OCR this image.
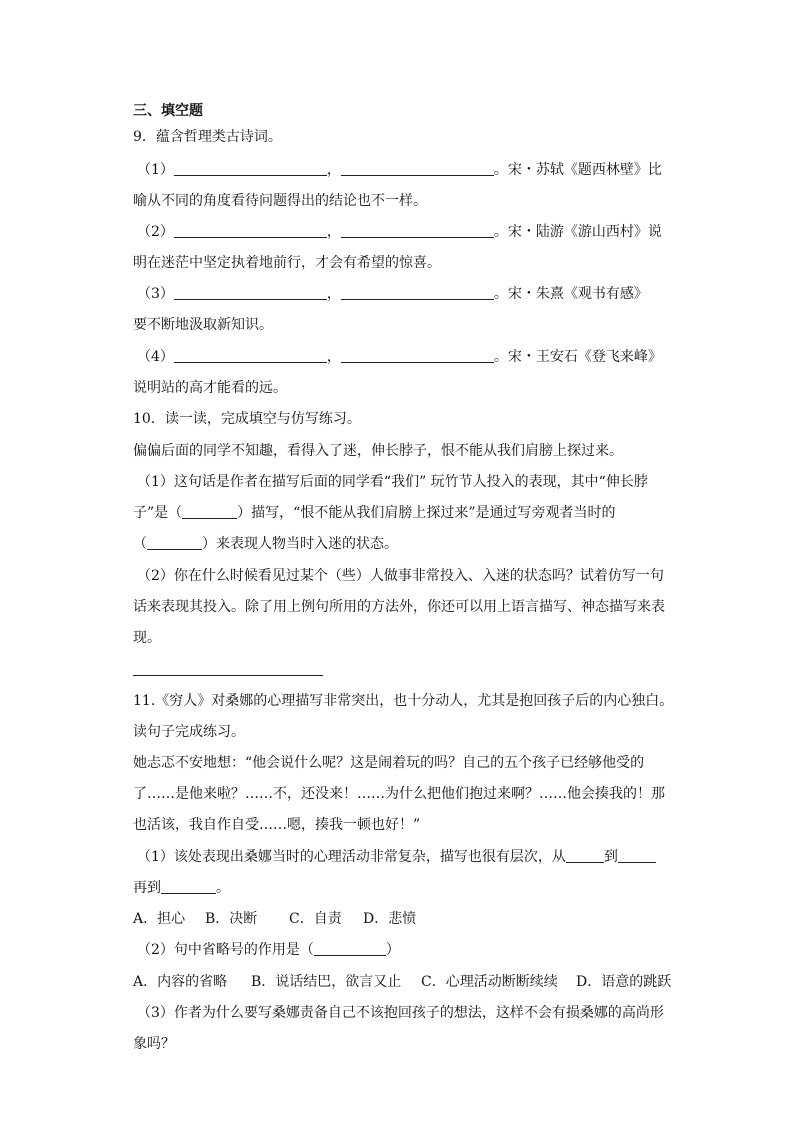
三、填空题
9．蕴含哲理类古诗词。
（1）	，	。宋・苏轼《题西林壁》比
喻从不同的角度看待问题得出的结论也不一样。
（2）	，	。宋・陆游《游山西村》说
明在迷茫中坚定执着地前行，才会有希望的惊喜。
（3）	，	。宋・朱熹《观书有感》
要不断地汲取新知识。
（4）	，	。宋・王安石《登飞来峰》
说明站的高才能看的远。
10．读一读，完成填空与仿写练习。
偏偏后面的同学不知趣，看得入了迷，伸长脖子，恨不能从我们肩膀上探过来。
（1）这句话是作者在描写后面的同学看“我们” 玩竹节人投入的表现，其中“伸长脖
子”是（	）描写，“恨不能从我们肩膀上探过来”是通过写旁观者当时的
（	）来表现人物当时入迷的状态。
（2）你在什么时候看见过某个（些）人做事非常投入、入迷的状态吗？试着仿写一句
话来表现其投入。除了用上例句所用的方法外，你还可以用上语言描写、神态描写来表
现。
11.《穷人》对桑娜的心理描写非常突出，也十分动人，尤其是抱回孩子后的内心独白。
读句子完成练习。
她忐忑不安地想：“他会说什么呢？这是闹着玩的吗？自己的五个孩子已经够他受的
了……是他来啦？……不，还没来！……为什么把他们抱过来啊？……他会揍我的！那
也活该，我自作自受……嗯，揍我一顿也好！”
（1）该处表现出桑娜当时的心理活动非常复杂，描写也很有层次，从	到
再到	。
A．担心 B．决断 C．自责 D．悲愤
（2）句中省略号的作用是（	）
A．内容的省略 B．说话结巴，欲言又止 C．心理活动断断续续 D．语意的跳跃
（3）作者为什么要写桑娜责备自己不该抱回孩子的想法，这样不会有损桑娜的高尚形
象吗？
